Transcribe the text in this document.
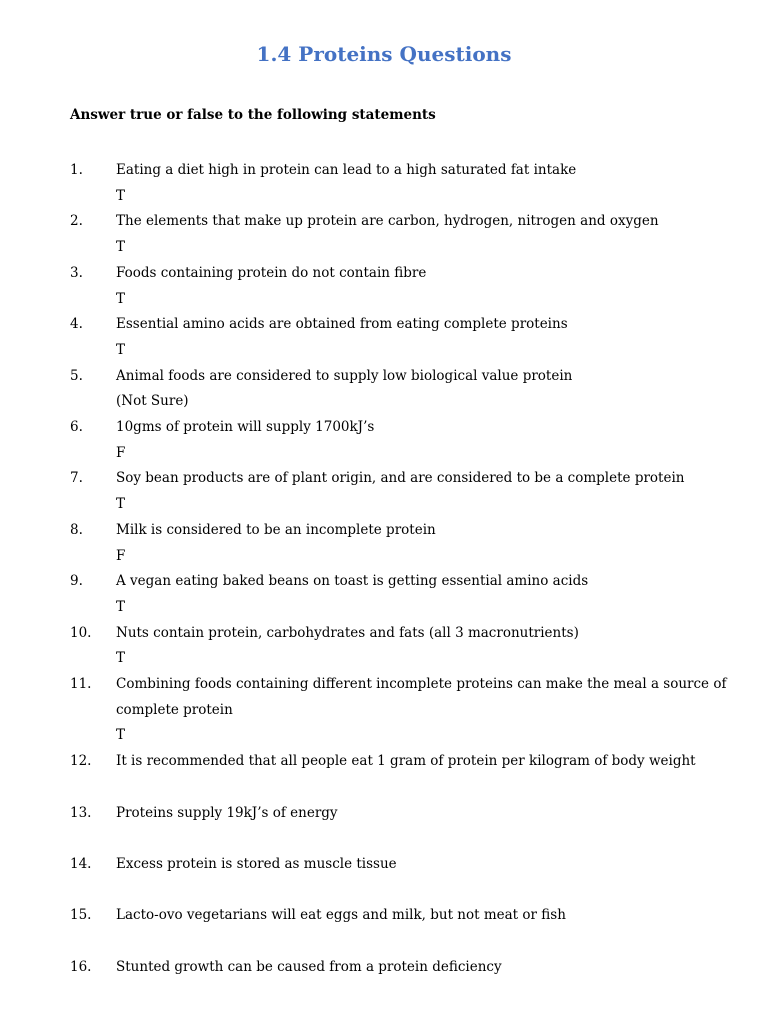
1.4 Proteins Questions

Answer true or false to the following statements

1. Eating a diet high in protein can lead to a high saturated fat intake
T
2. The elements that make up protein are carbon, hydrogen, nitrogen and oxygen
T
3. Foods containing protein do not contain fibre
T
4. Essential amino acids are obtained from eating complete proteins
T
5. Animal foods are considered to supply low biological value protein
(Not Sure)
6. 10gms of protein will supply 1700kJ’s
F
7. Soy bean products are of plant origin, and are considered to be a complete protein
T
8. Milk is considered to be an incomplete protein
F
9. A vegan eating baked beans on toast is getting essential amino acids
T
10. Nuts contain protein, carbohydrates and fats (all 3 macronutrients)
T
11. Combining foods containing different incomplete proteins can make the meal a source of
complete protein
T
12. It is recommended that all people eat 1 gram of protein per kilogram of body weight
13. Proteins supply 19kJ’s of energy
14. Excess protein is stored as muscle tissue
15. Lacto-ovo vegetarians will eat eggs and milk, but not meat or fish
16. Stunted growth can be caused from a protein deficiency
